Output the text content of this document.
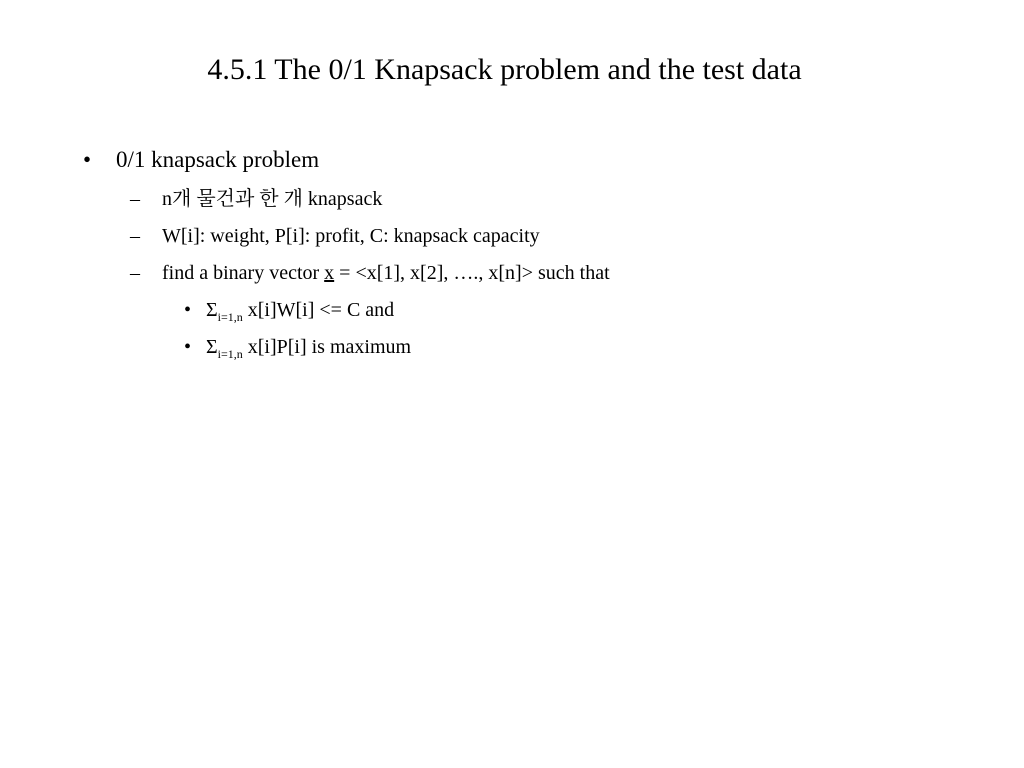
4.5.1 The 0/1 Knapsack problem and the test data
• 0/1 knapsack problem
– n개 물건과 한 개 knapsack
– W[i]: weight, P[i]: profit, C: knapsack capacity
– find a binary vector x = <x[1], x[2], …., x[n]> such that
• $\Sigma_{i=1,n}$ x[i]W[i] <= C and
• $\Sigma_{i=1,n}$ x[i]P[i] is maximum
